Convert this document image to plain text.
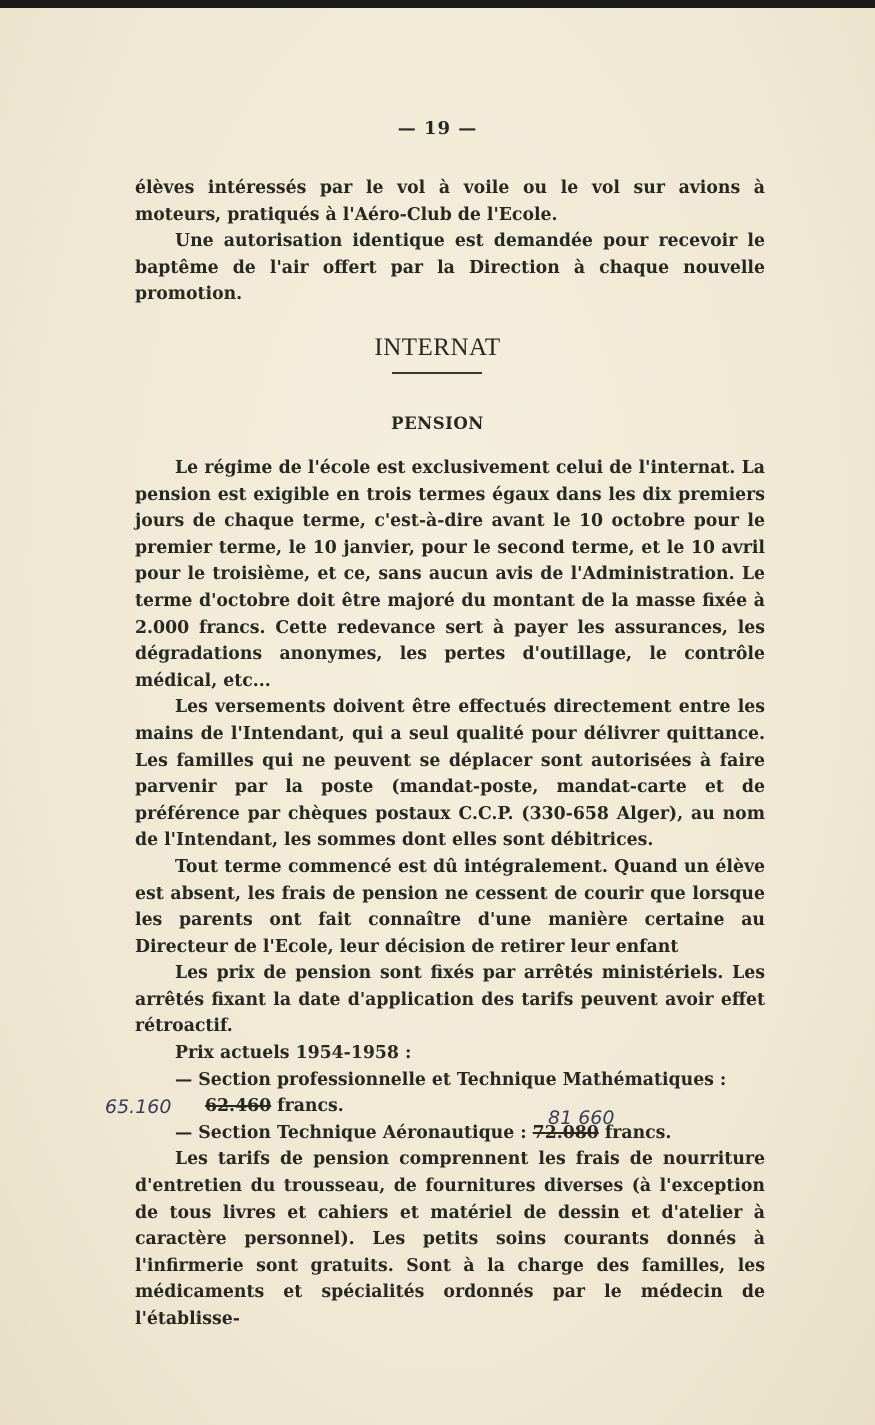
— 19 —

élèves intéressés par le vol à voile ou le vol sur avions à moteurs, pratiqués à l'Aéro-Club de l'Ecole.

Une autorisation identique est demandée pour recevoir le baptême de l'air offert par la Direction à chaque nouvelle promotion.

INTERNAT
PENSION

Le régime de l'école est exclusivement celui de l'internat. La pension est exigible en trois termes égaux dans les dix premiers jours de chaque terme, c'est-à-dire avant le 10 octobre pour le premier terme, le 10 janvier, pour le second terme, et le 10 avril pour le troisième, et ce, sans aucun avis de l'Administration. Le terme d'octobre doit être majoré du montant de la masse fixée à 2.000 francs. Cette redevance sert à payer les assurances, les dégradations anonymes, les pertes d'outillage, le contrôle médical, etc...

Les versements doivent être effectués directement entre les mains de l'Intendant, qui a seul qualité pour délivrer quittance. Les familles qui ne peuvent se déplacer sont autorisées à faire parvenir par la poste (mandat-poste, mandat-carte et de préférence par chèques postaux C.C.P. (330-658 Alger), au nom de l'Intendant, les sommes dont elles sont débitrices.

Tout terme commencé est dû intégralement. Quand un élève est absent, les frais de pension ne cessent de courir que lorsque les parents ont fait connaître d'une manière certaine au Directeur de l'Ecole, leur décision de retirer leur enfant

Les prix de pension sont fixés par arrêtés ministériels. Les arrêtés fixant la date d'application des tarifs peuvent avoir effet rétroactif.

Prix actuels 1954-1958 :

— Section professionnelle et Technique Mathématiques :

62.460 francs.

— Section Technique Aéronautique : 72.080 francs.

Les tarifs de pension comprennent les frais de nourriture d'entretien du trousseau, de fournitures diverses (à l'exception de tous livres et cahiers et matériel de dessin et d'atelier à caractère personnel). Les petits soins courants donnés à l'infirmerie sont gratuits. Sont à la charge des familles, les médicaments et spécialités ordonnés par le médecin de l'établisse-

65.160	81 660
